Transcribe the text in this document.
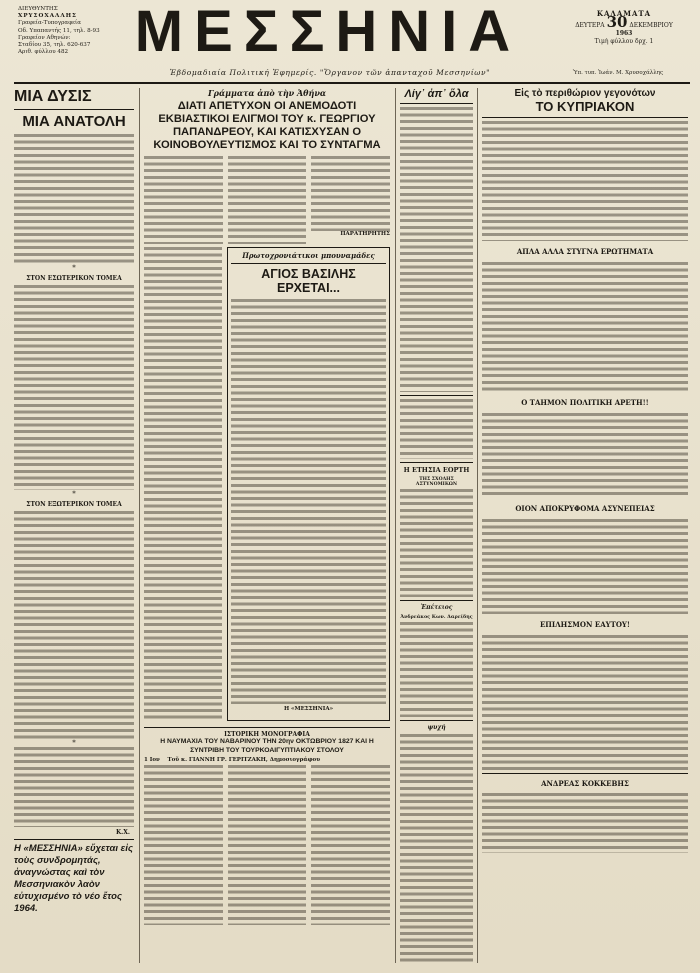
ΔΙΕΥΘΥΝΤΗΣ
ΧΡΥΣΟΧΑΛΛΗΣ
Γραφεία-Τυπογραφεία
Οδ. Υπαπαντής 11, τηλ. 8-93
Γραφείον Αθηνών:
Σταδίου 35, τηλ. 620-637
Αριθ. φύλλου 482	ΜΕΣΣΗΝΙΑ	ΚΑΛΑΜΑΤΑ
ΔΕΥΤΕΡΑ 30 ΔΕΚΕΜΒΡΙΟΥ
1963
Τιμὴ φύλλου δρχ. 1
Ἑβδομαδιαία Πολιτική Ἐφημερίς. "Ὄργανον τῶν ἀπανταχοῦ Μεσσηνίων"	Ὑπ. τυπ. Ἰωάν. Μ. Χρυσοχάλλης
ΜΙΑ ΔΥΣΙΣ
ΜΙΑ ΑΝΑΤΟΛΗ
*
ΣΤΟΝ ΕΣΩΤΕΡΙΚΟΝ ΤΟΜΕΑ
*
ΣΤΟΝ ΕΞΩΤΕΡΙΚΟΝ ΤΟΜΕΑ
*
Κ.Χ.
Η «ΜΕΣΣΗΝΙΑ» εὔχεται εἰς τοὺς συνδρομητάς, ἀναγνώστας καὶ τὸν Μεσσηνιακὸν λαὸν εὐτυχισμένο τὸ νέο ἔτος 1964.
Γράμματα ἀπὸ τὴν Ἀθήνα
ΔΙΑΤΙ ΑΠΕΤΥΧΟΝ ΟΙ ΑΝΕΜΟΔΟΤΙ ΕΚΒΙΑΣΤΙΚΟΙ ΕΛΙΓΜΟΙ ΤΟΥ κ. ΓΕΩΡΓΙΟΥ ΠΑΠΑΝΔΡΕΟΥ, ΚΑΙ ΚΑΤΙΣΧΥΣΑΝ Ο ΚΟΙΝΟΒΟΥΛΕΥΤΙΣΜΟΣ ΚΑΙ ΤΟ ΣΥΝΤΑΓΜΑ
ΠΑΡΑΤΗΡΗΤΗΣ
Πρωτοχρονιάτικοι μπουναμάδες
ΑΓΙΟΣ ΒΑΣΙΛΗΣ ΕΡΧΕΤΑΙ...
Η «ΜΕΣΣΗΝΙΑ»
ΙΣΤΟΡΙΚΗ ΜΟΝΟΓΡΑΦΙΑ
Η ΝΑΥΜΑΧΙΑ ΤΟΥ ΝΑΒΑΡΙΝΟΥ ΤΗΝ 20ην ΟΚΤΩΒΡΙΟΥ 1827 ΚΑΙ Η ΣΥΝΤΡΙΒΗ ΤΟΥ ΤΟΥΡΚΟΑΙΓΥΠΤΙΑΚΟΥ ΣΤΟΛΟΥ
1 Ιον Τοῦ κ. ΓΙΑΝΝΗ ΓΡ. ΓΕΡΙΤΖΑΚΗ, Δημοσιογράφου
Λίγ᾽ ἀπ᾽ ὅλα
Η ΕΤΗΣΙΑ ΕΟΡΤΗ
ΤΗΣ ΣΧΟΛΗΣ ΑΣΤΥΝΟΜΙΚΩΝ
Ἐπέτειος
Ἀνδρεάκος Κων. Δαρείδης
ψυχή
Εἰς τὸ περιθώριον γεγονότων
ΤΟ ΚΥΠΡΙΑΚΟΝ
ΑΠΛΑ ΑΛΛΑ ΣΤΥΓΝΑ ΕΡΩΤΗΜΑΤΑ
Ο ΤΑΗΜΟΝ ΠΟΛΙΤΙΚΗ ΑΡΕΤΗ!!
ΟΙΟΝ ΑΠΟΚΡΥΦΟΜΑ ΑΣΥΝΕΠΕΙΑΣ
ΕΠΙΛΗΣΜΟΝ ΕΑΥΤΟΥ!
ΑΝΔΡΕΑΣ ΚΟΚΚΕΒΗΣ
